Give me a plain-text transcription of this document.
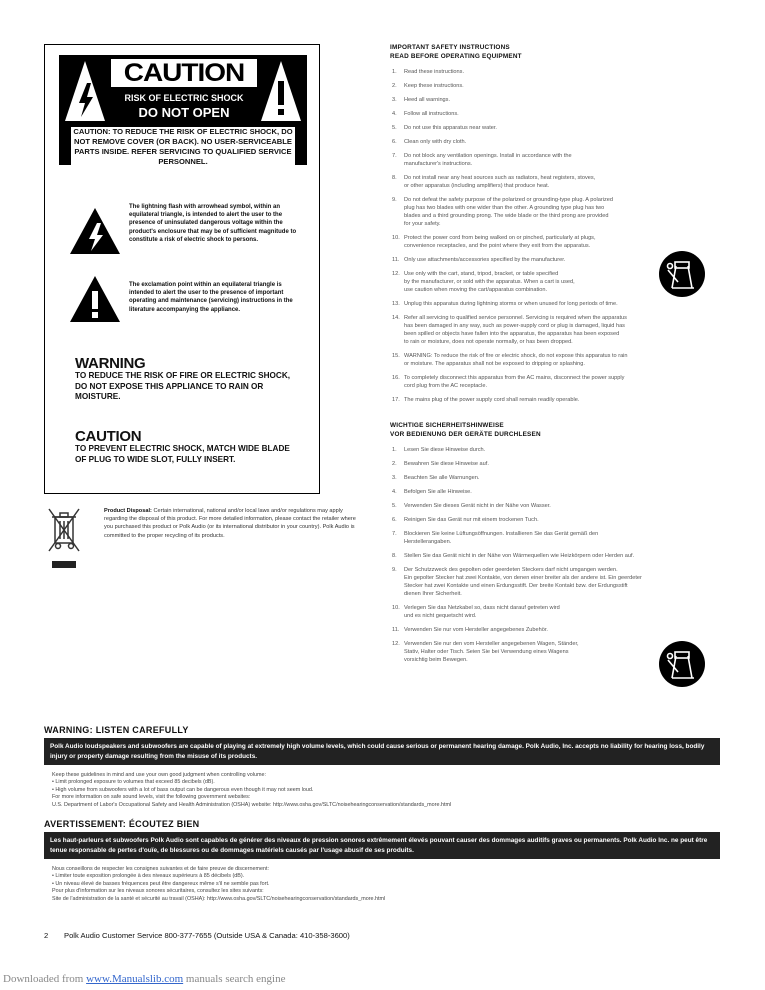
CAUTION
RISK OF ELECTRIC SHOCK
DO NOT OPEN
CAUTION: TO REDUCE THE RISK OF ELECTRIC SHOCK, DO NOT REMOVE COVER (OR BACK). NO USER-SERVICEABLE PARTS INSIDE. REFER SERVICING TO QUALIFIED SERVICE PERSONNEL.
The lightning flash with arrowhead symbol, within an equilateral triangle, is intended to alert the user to the presence of uninsulated dangerous voltage within the product's enclosure that may be of sufficient magnitude to constitute a risk of electric shock to persons.
The exclamation point within an equilateral triangle is intended to alert the user to the presence of important operating and maintenance (servicing) instructions in the literature accompanying the appliance.
WARNING
TO REDUCE THE RISK OF FIRE OR ELECTRIC SHOCK, DO NOT EXPOSE THIS APPLIANCE TO RAIN OR MOISTURE.
CAUTION
TO PREVENT ELECTRIC SHOCK, MATCH WIDE BLADE OF PLUG TO WIDE SLOT, FULLY INSERT.
Product Disposal: Certain international, national and/or local laws and/or regulations may apply regarding the disposal of this product. For more detailed information, please contact the retailer where you purchased this product or Polk Audio (or its international distributor in your country). Polk Audio is committed to the proper recycling of its products.
IMPORTANT SAFETY INSTRUCTIONS
READ BEFORE OPERATING EQUIPMENT
1. Read these instructions.
2. Keep these instructions.
3. Heed all warnings.
4. Follow all instructions.
5. Do not use this apparatus near water.
6. Clean only with dry cloth.
7. Do not block any ventilation openings. Install in accordance with the
manufacturer's instructions.
8. Do not install near any heat sources such as radiators, heat registers, stoves,
or other apparatus (including amplifiers) that produce heat.
9. Do not defeat the safety purpose of the polarized or grounding-type plug. A polarized
plug has two blades with one wider than the other. A grounding type plug has two
blades and a third grounding prong. The wide blade or the third prong are provided
for your safety.
10. Protect the power cord from being walked on or pinched, particularly at plugs,
convenience receptacles, and the point where they exit from the apparatus.
11. Only use attachments/accessories specified by the manufacturer.
12. Use only with the cart, stand, tripod, bracket, or table specified
by the manufacturer, or sold with the apparatus. When a cart is used,
use caution when moving the cart/apparatus combination.
13. Unplug this apparatus during lightning storms or when unused for long periods of time.
14. Refer all servicing to qualified service personnel. Servicing is required when the apparatus
has been damaged in any way, such as power-supply cord or plug is damaged, liquid has
been spilled or objects have fallen into the apparatus, the apparatus has been exposed
to rain or moisture, does not operate normally, or has been dropped.
15. WARNING: To reduce the risk of fire or electric shock, do not expose this apparatus to rain
or moisture. The apparatus shall not be exposed to dripping or splashing.
16. To completely disconnect this apparatus from the AC mains, disconnect the power supply
cord plug from the AC receptacle.
17. The mains plug of the power supply cord shall remain readily operable.
WICHTIGE SICHERHEITSHINWEISE
VOR BEDIENUNG DER GERÄTE DURCHLESEN
1. Lesen Sie diese Hinweise durch.
2. Bewahren Sie diese Hinweise auf.
3. Beachten Sie alle Warnungen.
4. Befolgen Sie alle Hinweise.
5. Verwenden Sie dieses Gerät nicht in der Nähe von Wasser.
6. Reinigen Sie das Gerät nur mit einem trockenen Tuch.
7. Blockieren Sie keine Lüftungsöffnungen. Installieren Sie das Gerät gemäß den
Herstellerangaben.
8. Stellen Sie das Gerät nicht in der Nähe von Wärmequellen wie Heizkörpern oder Herden auf.
9. Der Schutzzweck des gepolten oder geerdeten Steckers darf nicht umgangen werden.
Ein gepolter Stecker hat zwei Kontakte, von denen einer breiter als der andere ist. Ein geerdeter
Stecker hat zwei Kontakte und einen Erdungsstift. Der breite Kontakt bzw. der Erdungsstift
dienen Ihrer Sicherheit.
10. Verlegen Sie das Netzkabel so, dass nicht darauf getreten wird
und es nicht gequetscht wird.
11. Verwenden Sie nur vom Hersteller angegebenes Zubehör.
12. Verwenden Sie nur den vom Hersteller angegebenen Wagen, Ständer,
Stativ, Halter oder Tisch. Seien Sie bei Verwendung eines Wagens
vorsichtig beim Bewegen.
WARNING: LISTEN CAREFULLY
Polk Audio loudspeakers and subwoofers are capable of playing at extremely high volume levels, which could cause serious or permanent hearing damage. Polk Audio, Inc. accepts no liability for hearing loss, bodily injury or property damage resulting from the misuse of its products.
Keep these guidelines in mind and use your own good judgment when controlling volume:
• Limit prolonged exposure to volumes that exceed 85 decibels (dB).
• High volume from subwoofers with a lot of bass output can be dangerous even though it may not seem loud.
For more information on safe sound levels, visit the following government websites:
U.S. Department of Labor's Occupational Safety and Health Administration (OSHA) website: http://www.osha.gov/SLTC/noisehearingconservation/standards_more.html
AVERTISSEMENT: ÉCOUTEZ BIEN
Les haut-parleurs et subwoofers Polk Audio sont capables de générer des niveaux de pression sonores extrêmement élevés pouvant causer des dommages auditifs graves ou permanents. Polk Audio Inc. ne peut être tenue responsable de pertes d'ouïe, de blessures ou de dommages matériels causés par l'usage abusif de ses produits.
Nous conseillons de respecter les consignes suivantes et de faire preuve de discernement:
• Limiter toute exposition prolongée à des niveaux supérieurs à 85 décibels (dB).
• Un niveau élevé de basses fréquences peut être dangereux même s'il ne semble pas fort.
Pour plus d'information sur les niveaux sonores sécuritaires, consultez les sites suivants:
Site de l'administration de la santé et sécurité au travail (OSHA): http://www.osha.gov/SLTC/noisehearingconservation/standards_more.html
2 Polk Audio Customer Service 800-377-7655 (Outside USA & Canada: 410-358-3600)
Downloaded from www.Manualslib.com manuals search engine
